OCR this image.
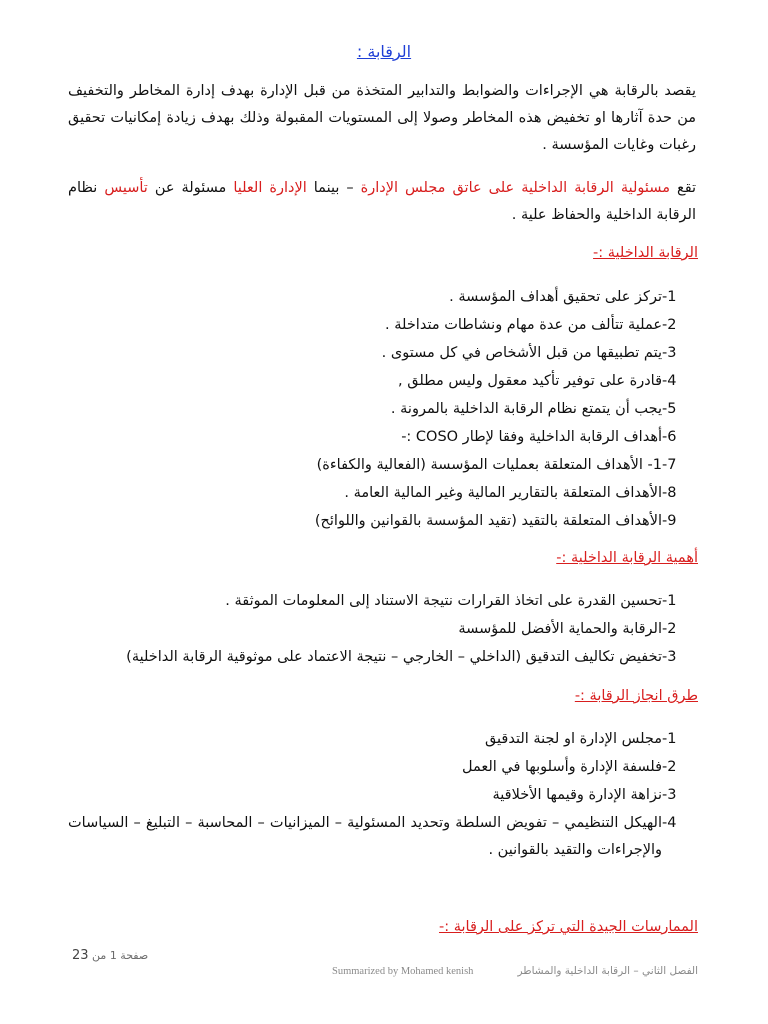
الرقابة :
يقصد بالرقابة هي الإجراءات والضوابط والتدابير المتخذة من قبل الإدارة بهدف إدارة المخاطر والتخفيف من حدة آثارها او تخفيض هذه المخاطر وصولا إلى المستويات المقبولة وذلك بهدف زيادة إمكانيات تحقيق رغبات وغايات المؤسسة .
تقع مسئولية الرقابة الداخلية على عاتق مجلس الإدارة – بينما الإدارة العليا مسئولة عن تأسيس نظام الرقابة الداخلية والحفاظ علية .
الرقابة الداخلية :-
-1
تركز على تحقيق أهداف المؤسسة .
-2
عملية تتألف من عدة مهام ونشاطات متداخلة .
-3
يتم تطبيقها من قبل الأشخاص في كل مستوى .
-4
قادرة على توفير تأكيد معقول وليس مطلق ,
-5
يجب أن يتمتع نظام الرقابة الداخلية بالمرونة .
-6
أهداف الرقابة الداخلية وفقا لإطار COSO :-
-7
1- الأهداف المتعلقة بعمليات المؤسسة (الفعالية والكفاءة)
-8
الأهداف المتعلقة بالتقارير المالية وغير المالية العامة .
-9
الأهداف المتعلقة بالتقيد (تقيد المؤسسة بالقوانين واللوائح)
أهمية الرقابة الداخلية :-
-1
تحسين القدرة على اتخاذ القرارات نتيجة الاستناد إلى المعلومات الموثقة .
-2
الرقابة والحماية الأفضل للمؤسسة
-3
تخفيض تكاليف التدقيق (الداخلي – الخارجي – نتيجة الاعتماد على موثوقية الرقابة الداخلية)
طرق انجاز الرقابة :-
-1
مجلس الإدارة او لجنة التدقيق
-2
فلسفة الإدارة وأسلوبها في العمل
-3
نزاهة الإدارة وقيمها الأخلاقية
-4
الهيكل التنظيمي – تفويض السلطة وتحديد المسئولية – الميزانيات – المحاسبة – التبليغ – السياسات والإجراءات والتقيد بالقوانين .
الممارسات الجيدة التي تركز على الرقابة :-
صفحة 1 من 23
الفصل الثاني – الرقابة الداخلية والمشاطر
Summarized by Mohamed kenish
